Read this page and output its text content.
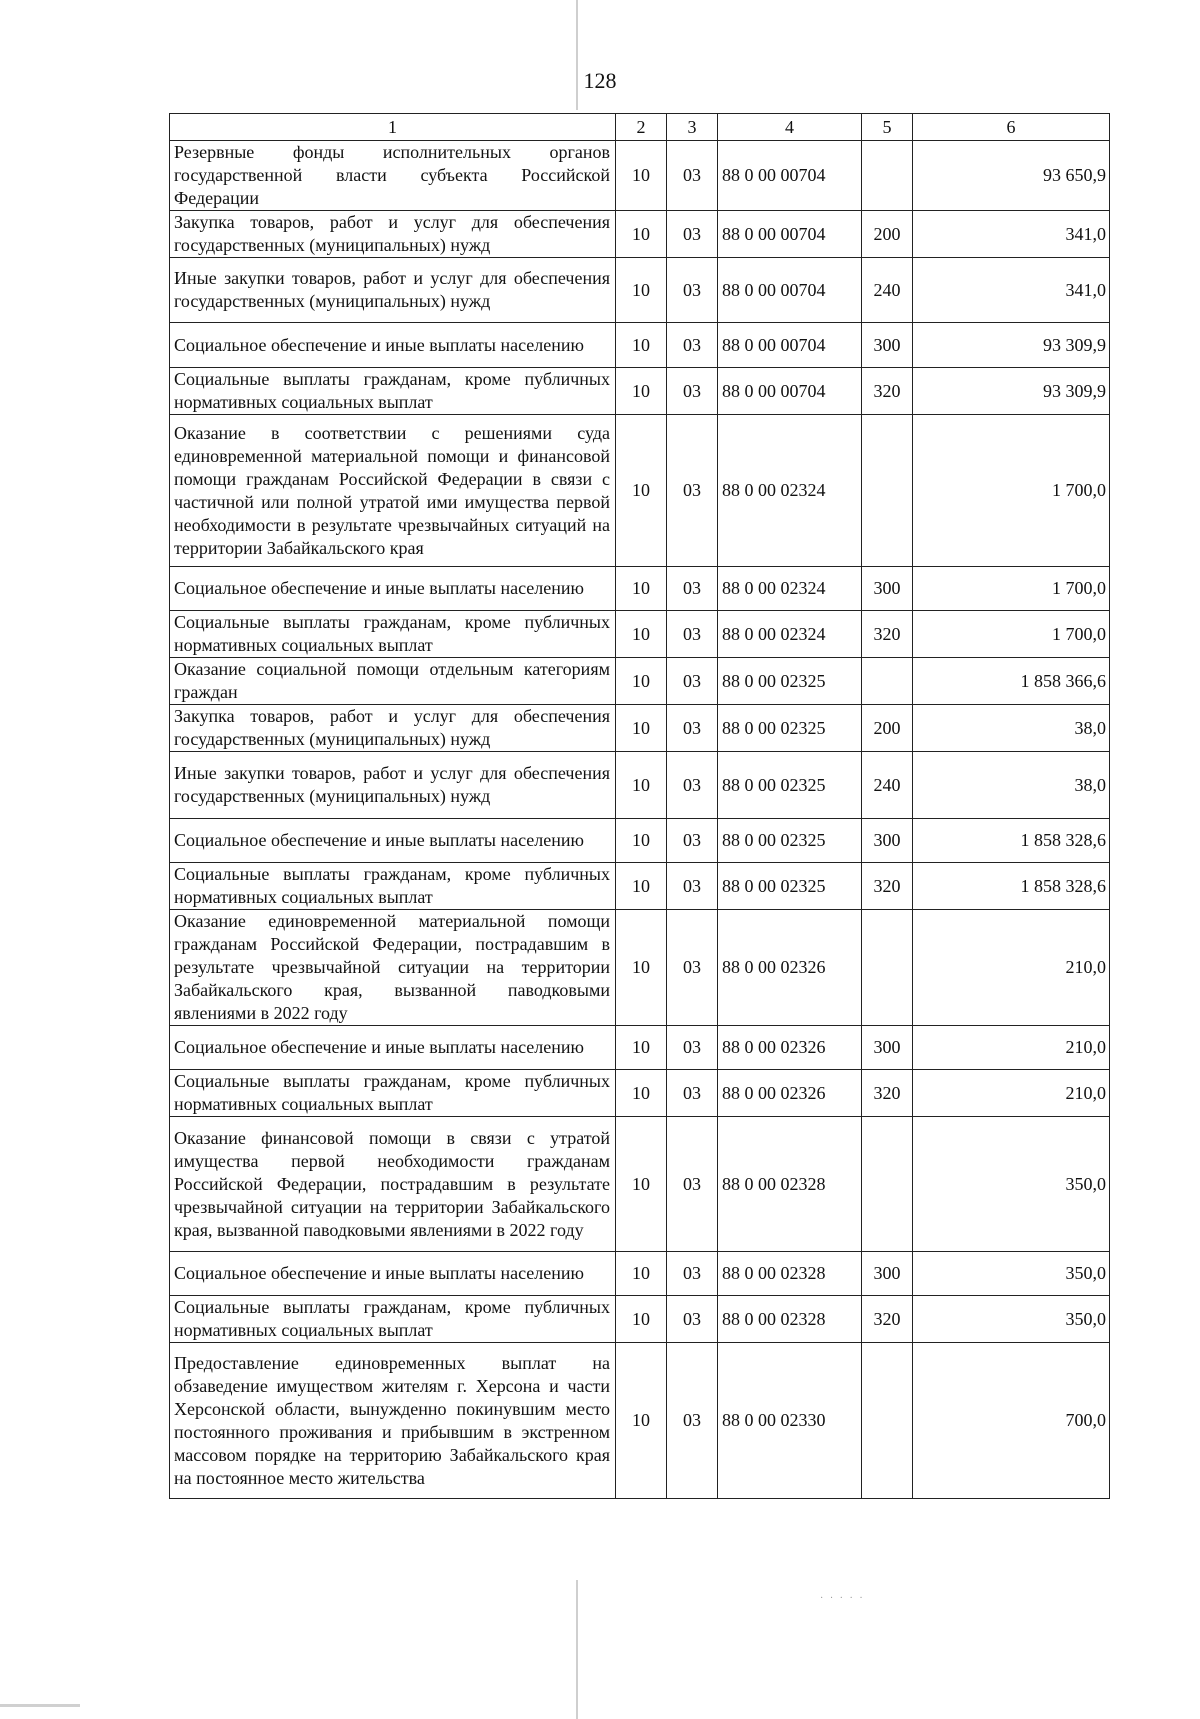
128
1	2	3	4	5	6
Резервные фонды исполнительных органов государственной власти субъекта Российской Федерации	10	03	88 0 00 00704		93 650,9
Закупка товаров, работ и услуг для обеспечения государственных (муниципальных) нужд	10	03	88 0 00 00704	200	341,0
Иные закупки товаров, работ и услуг для обеспечения государственных (муниципальных) нужд	10	03	88 0 00 00704	240	341,0
Социальное обеспечение и иные выплаты населению	10	03	88 0 00 00704	300	93 309,9
Социальные выплаты гражданам, кроме публичных нормативных социальных выплат	10	03	88 0 00 00704	320	93 309,9
Оказание в соответствии с решениями суда единовременной материальной помощи и финансовой помощи гражданам Российской Федерации в связи с частичной или полной утратой ими имущества первой необходимости в результате чрезвычайных ситуаций на территории Забайкальского края	10	03	88 0 00 02324		1 700,0
Социальное обеспечение и иные выплаты населению	10	03	88 0 00 02324	300	1 700,0
Социальные выплаты гражданам, кроме публичных нормативных социальных выплат	10	03	88 0 00 02324	320	1 700,0
Оказание социальной помощи отдельным категориям граждан	10	03	88 0 00 02325		1 858 366,6
Закупка товаров, работ и услуг для обеспечения государственных (муниципальных) нужд	10	03	88 0 00 02325	200	38,0
Иные закупки товаров, работ и услуг для обеспечения государственных (муниципальных) нужд	10	03	88 0 00 02325	240	38,0
Социальное обеспечение и иные выплаты населению	10	03	88 0 00 02325	300	1 858 328,6
Социальные выплаты гражданам, кроме публичных нормативных социальных выплат	10	03	88 0 00 02325	320	1 858 328,6
Оказание единовременной материальной помощи гражданам Российской Федерации, пострадавшим в результате чрезвычайной ситуации на территории Забайкальского края, вызванной паводковыми явлениями в 2022 году	10	03	88 0 00 02326		210,0
Социальное обеспечение и иные выплаты населению	10	03	88 0 00 02326	300	210,0
Социальные выплаты гражданам, кроме публичных нормативных социальных выплат	10	03	88 0 00 02326	320	210,0
Оказание финансовой помощи в связи с утратой имущества первой необходимости гражданам Российской Федерации, пострадавшим в результате чрезвычайной ситуации на территории Забайкальского края, вызванной паводковыми явлениями в 2022 году	10	03	88 0 00 02328		350,0
Социальное обеспечение и иные выплаты населению	10	03	88 0 00 02328	300	350,0
Социальные выплаты гражданам, кроме публичных нормативных социальных выплат	10	03	88 0 00 02328	320	350,0
Предоставление единовременных выплат на обзаведение имуществом жителям г. Херсона и части Херсонской области, вынужденно покинувшим место постоянного проживания и прибывшим в экстренном массовом порядке на территорию Забайкальского края на постоянное место жительства	10	03	88 0 00 02330		700,0
· · · · ·
